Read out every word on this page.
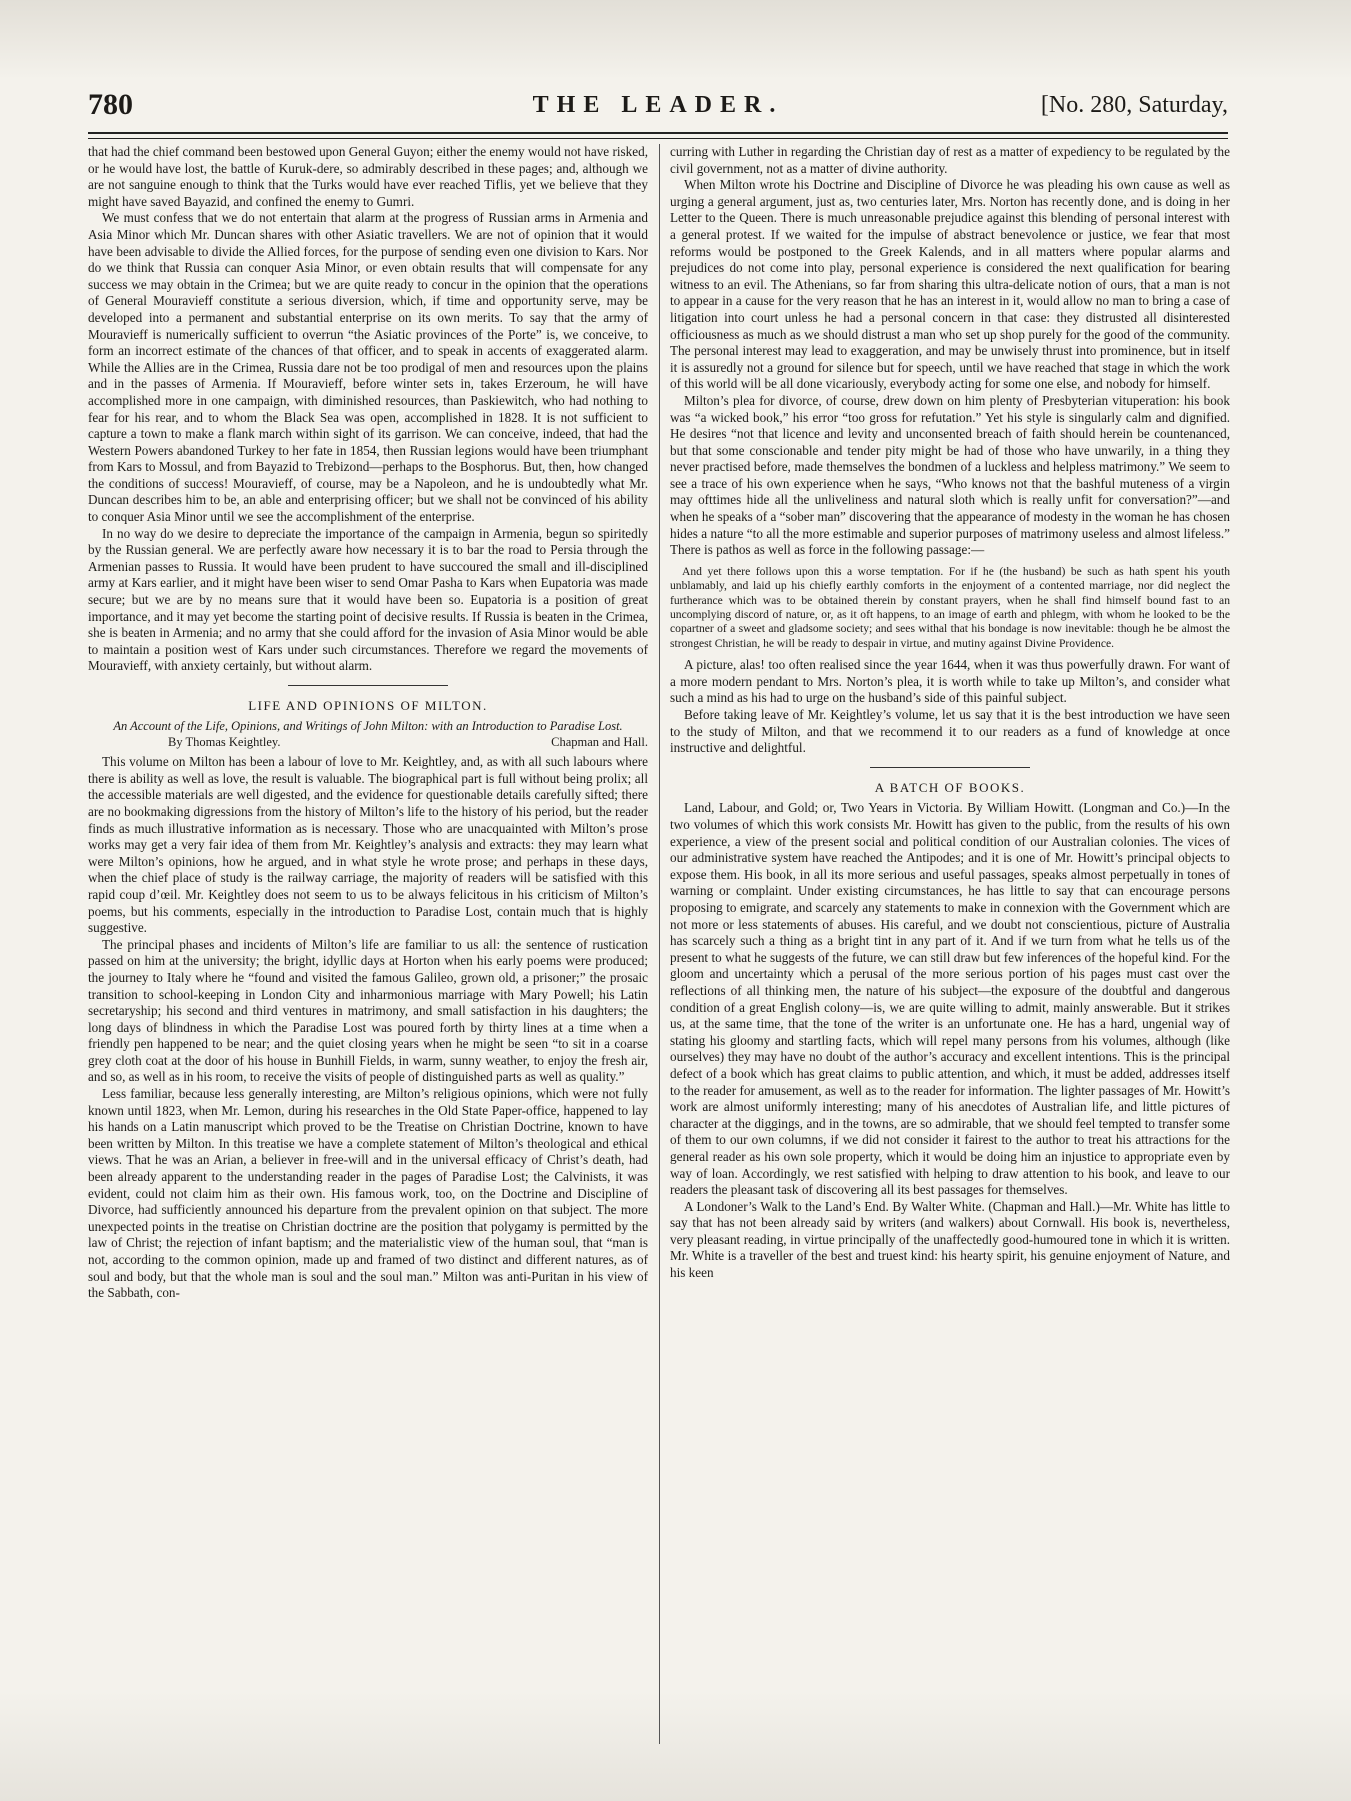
780	THE LEADER.	[No. 280, Saturday,

that had the chief command been bestowed upon General Guyon; either the enemy would not have risked, or he would have lost, the battle of Kuruk-dere, so admirably described in these pages; and, although we are not sanguine enough to think that the Turks would have ever reached Tiflis, yet we believe that they might have saved Bayazid, and confined the enemy to Gumri.

We must confess that we do not entertain that alarm at the progress of Russian arms in Armenia and Asia Minor which Mr. Duncan shares with other Asiatic travellers. We are not of opinion that it would have been advisable to divide the Allied forces, for the purpose of sending even one division to Kars. Nor do we think that Russia can conquer Asia Minor, or even obtain results that will compensate for any success we may obtain in the Crimea; but we are quite ready to concur in the opinion that the operations of General Mouravieff constitute a serious diversion, which, if time and opportunity serve, may be developed into a permanent and substantial enterprise on its own merits. To say that the army of Mouravieff is numerically sufficient to overrun “the Asiatic provinces of the Porte” is, we conceive, to form an incorrect estimate of the chances of that officer, and to speak in accents of exaggerated alarm. While the Allies are in the Crimea, Russia dare not be too prodigal of men and resources upon the plains and in the passes of Armenia. If Mouravieff, before winter sets in, takes Erzeroum, he will have accomplished more in one campaign, with diminished resources, than Paskiewitch, who had nothing to fear for his rear, and to whom the Black Sea was open, accomplished in 1828. It is not sufficient to capture a town to make a flank march within sight of its garrison. We can conceive, indeed, that had the Western Powers abandoned Turkey to her fate in 1854, then Russian legions would have been triumphant from Kars to Mossul, and from Bayazid to Trebizond—perhaps to the Bosphorus. But, then, how changed the conditions of success! Mouravieff, of course, may be a Napoleon, and he is undoubtedly what Mr. Duncan describes him to be, an able and enterprising officer; but we shall not be convinced of his ability to conquer Asia Minor until we see the accomplishment of the enterprise.

In no way do we desire to depreciate the importance of the campaign in Armenia, begun so spiritedly by the Russian general. We are perfectly aware how necessary it is to bar the road to Persia through the Armenian passes to Russia. It would have been prudent to have succoured the small and ill-disciplined army at Kars earlier, and it might have been wiser to send Omar Pasha to Kars when Eupatoria was made secure; but we are by no means sure that it would have been so. Eupatoria is a position of great importance, and it may yet become the starting point of decisive results. If Russia is beaten in the Crimea, she is beaten in Armenia; and no army that she could afford for the invasion of Asia Minor would be able to maintain a position west of Kars under such circumstances. Therefore we regard the movements of Mouravieff, with anxiety certainly, but without alarm.

LIFE AND OPINIONS OF MILTON.
An Account of the Life, Opinions, and Writings of John Milton: with an Introduction to Paradise Lost.
By Thomas Keightley.	Chapman and Hall.

This volume on Milton has been a labour of love to Mr. Keightley, and, as with all such labours where there is ability as well as love, the result is valuable. The biographical part is full without being prolix; all the accessible materials are well digested, and the evidence for questionable details carefully sifted; there are no bookmaking digressions from the history of Milton’s life to the history of his period, but the reader finds as much illustrative information as is necessary. Those who are unacquainted with Milton’s prose works may get a very fair idea of them from Mr. Keightley’s analysis and extracts: they may learn what were Milton’s opinions, how he argued, and in what style he wrote prose; and perhaps in these days, when the chief place of study is the railway carriage, the majority of readers will be satisfied with this rapid coup d’œil. Mr. Keightley does not seem to us to be always felicitous in his criticism of Milton’s poems, but his comments, especially in the introduction to Paradise Lost, contain much that is highly suggestive.

The principal phases and incidents of Milton’s life are familiar to us all: the sentence of rustication passed on him at the university; the bright, idyllic days at Horton when his early poems were produced; the journey to Italy where he “found and visited the famous Galileo, grown old, a prisoner;” the prosaic transition to school-keeping in London City and inharmonious marriage with Mary Powell; his Latin secretaryship; his second and third ventures in matrimony, and small satisfaction in his daughters; the long days of blindness in which the Paradise Lost was poured forth by thirty lines at a time when a friendly pen happened to be near; and the quiet closing years when he might be seen “to sit in a coarse grey cloth coat at the door of his house in Bunhill Fields, in warm, sunny weather, to enjoy the fresh air, and so, as well as in his room, to receive the visits of people of distinguished parts as well as quality.”

Less familiar, because less generally interesting, are Milton’s religious opinions, which were not fully known until 1823, when Mr. Lemon, during his researches in the Old State Paper-office, happened to lay his hands on a Latin manuscript which proved to be the Treatise on Christian Doctrine, known to have been written by Milton. In this treatise we have a complete statement of Milton’s theological and ethical views. That he was an Arian, a believer in free-will and in the universal efficacy of Christ’s death, had been already apparent to the understanding reader in the pages of Paradise Lost; the Calvinists, it was evident, could not claim him as their own. His famous work, too, on the Doctrine and Discipline of Divorce, had sufficiently announced his departure from the prevalent opinion on that subject. The more unexpected points in the treatise on Christian doctrine are the position that polygamy is permitted by the law of Christ; the rejection of infant baptism; and the materialistic view of the human soul, that “man is not, according to the common opinion, made up and framed of two distinct and different natures, as of soul and body, but that the whole man is soul and the soul man.” Milton was anti-Puritan in his view of the Sabbath, con-

curring with Luther in regarding the Christian day of rest as a matter of expediency to be regulated by the civil government, not as a matter of divine authority.

When Milton wrote his Doctrine and Discipline of Divorce he was pleading his own cause as well as urging a general argument, just as, two centuries later, Mrs. Norton has recently done, and is doing in her Letter to the Queen. There is much unreasonable prejudice against this blending of personal interest with a general protest. If we waited for the impulse of abstract benevolence or justice, we fear that most reforms would be postponed to the Greek Kalends, and in all matters where popular alarms and prejudices do not come into play, personal experience is considered the next qualification for bearing witness to an evil. The Athenians, so far from sharing this ultra-delicate notion of ours, that a man is not to appear in a cause for the very reason that he has an interest in it, would allow no man to bring a case of litigation into court unless he had a personal concern in that case: they distrusted all disinterested officiousness as much as we should distrust a man who set up shop purely for the good of the community. The personal interest may lead to exaggeration, and may be unwisely thrust into prominence, but in itself it is assuredly not a ground for silence but for speech, until we have reached that stage in which the work of this world will be all done vicariously, everybody acting for some one else, and nobody for himself.

Milton’s plea for divorce, of course, drew down on him plenty of Presbyterian vituperation: his book was “a wicked book,” his error “too gross for refutation.” Yet his style is singularly calm and dignified. He desires “not that licence and levity and unconsented breach of faith should herein be countenanced, but that some conscionable and tender pity might be had of those who have unwarily, in a thing they never practised before, made themselves the bondmen of a luckless and helpless matrimony.” We seem to see a trace of his own experience when he says, “Who knows not that the bashful muteness of a virgin may ofttimes hide all the unliveliness and natural sloth which is really unfit for conversation?”—and when he speaks of a “sober man” discovering that the appearance of modesty in the woman he has chosen hides a nature “to all the more estimable and superior purposes of matrimony useless and almost lifeless.” There is pathos as well as force in the following passage:—

And yet there follows upon this a worse temptation. For if he (the husband) be such as hath spent his youth unblamably, and laid up his chiefly earthly comforts in the enjoyment of a contented marriage, nor did neglect the furtherance which was to be obtained therein by constant prayers, when he shall find himself bound fast to an uncomplying discord of nature, or, as it oft happens, to an image of earth and phlegm, with whom he looked to be the copartner of a sweet and gladsome society; and sees withal that his bondage is now inevitable: though he be almost the strongest Christian, he will be ready to despair in virtue, and mutiny against Divine Providence.

A picture, alas! too often realised since the year 1644, when it was thus powerfully drawn. For want of a more modern pendant to Mrs. Norton’s plea, it is worth while to take up Milton’s, and consider what such a mind as his had to urge on the husband’s side of this painful subject.

Before taking leave of Mr. Keightley’s volume, let us say that it is the best introduction we have seen to the study of Milton, and that we recommend it to our readers as a fund of knowledge at once instructive and delightful.

A BATCH OF BOOKS.

Land, Labour, and Gold; or, Two Years in Victoria. By William Howitt. (Longman and Co.)—In the two volumes of which this work consists Mr. Howitt has given to the public, from the results of his own experience, a view of the present social and political condition of our Australian colonies. The vices of our administrative system have reached the Antipodes; and it is one of Mr. Howitt’s principal objects to expose them. His book, in all its more serious and useful passages, speaks almost perpetually in tones of warning or complaint. Under existing circumstances, he has little to say that can encourage persons proposing to emigrate, and scarcely any statements to make in connexion with the Government which are not more or less statements of abuses. His careful, and we doubt not conscientious, picture of Australia has scarcely such a thing as a bright tint in any part of it. And if we turn from what he tells us of the present to what he suggests of the future, we can still draw but few inferences of the hopeful kind. For the gloom and uncertainty which a perusal of the more serious portion of his pages must cast over the reflections of all thinking men, the nature of his subject—the exposure of the doubtful and dangerous condition of a great English colony—is, we are quite willing to admit, mainly answerable. But it strikes us, at the same time, that the tone of the writer is an unfortunate one. He has a hard, ungenial way of stating his gloomy and startling facts, which will repel many persons from his volumes, although (like ourselves) they may have no doubt of the author’s accuracy and excellent intentions. This is the principal defect of a book which has great claims to public attention, and which, it must be added, addresses itself to the reader for amusement, as well as to the reader for information. The lighter passages of Mr. Howitt’s work are almost uniformly interesting; many of his anecdotes of Australian life, and little pictures of character at the diggings, and in the towns, are so admirable, that we should feel tempted to transfer some of them to our own columns, if we did not consider it fairest to the author to treat his attractions for the general reader as his own sole property, which it would be doing him an injustice to appropriate even by way of loan. Accordingly, we rest satisfied with helping to draw attention to his book, and leave to our readers the pleasant task of discovering all its best passages for themselves.

A Londoner’s Walk to the Land’s End. By Walter White. (Chapman and Hall.)—Mr. White has little to say that has not been already said by writers (and walkers) about Cornwall. His book is, nevertheless, very pleasant reading, in virtue principally of the unaffectedly good-humoured tone in which it is written. Mr. White is a traveller of the best and truest kind: his hearty spirit, his genuine enjoyment of Nature, and his keen
